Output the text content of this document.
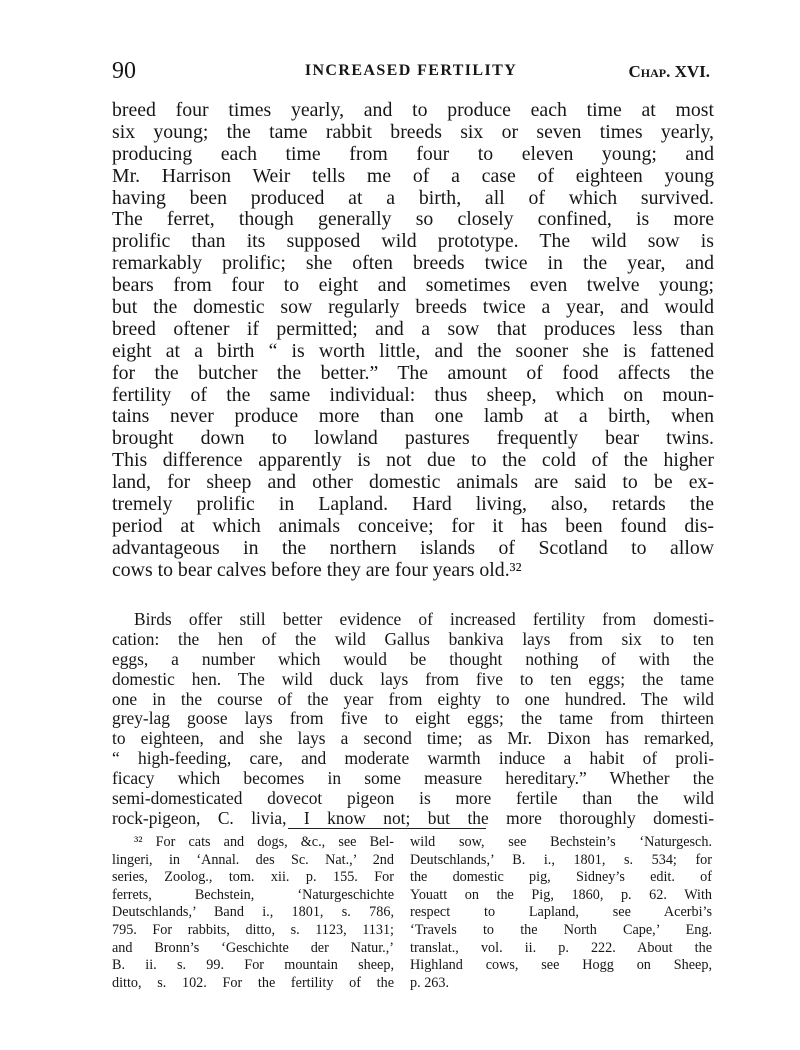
90	INCREASED FERTILITY	Chap. XVI.
breed four times yearly, and to produce each time at most
six young; the tame rabbit breeds six or seven times yearly,
producing each time from four to eleven young; and
Mr. Harrison Weir tells me of a case of eighteen young
having been produced at a birth, all of which survived.
The ferret, though generally so closely confined, is more
prolific than its supposed wild prototype. The wild sow is
remarkably prolific; she often breeds twice in the year, and
bears from four to eight and sometimes even twelve young;
but the domestic sow regularly breeds twice a year, and would
breed oftener if permitted; and a sow that produces less than
eight at a birth “ is worth little, and the sooner she is fattened
for the butcher the better.” The amount of food affects the
fertility of the same individual: thus sheep, which on moun-
tains never produce more than one lamb at a birth, when
brought down to lowland pastures frequently bear twins.
This difference apparently is not due to the cold of the higher
land, for sheep and other domestic animals are said to be ex-
tremely prolific in Lapland. Hard living, also, retards the
period at which animals conceive; for it has been found dis-
advantageous in the northern islands of Scotland to allow
cows to bear calves before they are four years old.³²
Birds offer still better evidence of increased fertility from domesti-
cation: the hen of the wild Gallus bankiva lays from six to ten
eggs, a number which would be thought nothing of with the
domestic hen. The wild duck lays from five to ten eggs; the tame
one in the course of the year from eighty to one hundred. The wild
grey-lag goose lays from five to eight eggs; the tame from thirteen
to eighteen, and she lays a second time; as Mr. Dixon has remarked,
“ high-feeding, care, and moderate warmth induce a habit of proli-
ficacy which becomes in some measure hereditary.” Whether the
semi-domesticated dovecot pigeon is more fertile than the wild
rock-pigeon, C. livia, I know not; but the more thoroughly domesti-
³² For cats and dogs, &c., see Bel-
lingeri, in ‘Annal. des Sc. Nat.,’ 2nd
series, Zoolog., tom. xii. p. 155. For
ferrets, Bechstein, ‘Naturgeschichte
Deutschlands,’ Band i., 1801, s. 786,
795. For rabbits, ditto, s. 1123, 1131;
and Bronn’s ‘Geschichte der Natur.,’
B. ii. s. 99. For mountain sheep,
ditto, s. 102. For the fertility of the
wild sow, see Bechstein’s ‘Naturgesch.
Deutschlands,’ B. i., 1801, s. 534; for
the domestic pig, Sidney’s edit. of
Youatt on the Pig, 1860, p. 62. With
respect to Lapland, see Acerbi’s
‘Travels to the North Cape,’ Eng.
translat., vol. ii. p. 222. About the
Highland cows, see Hogg on Sheep,
p. 263.
